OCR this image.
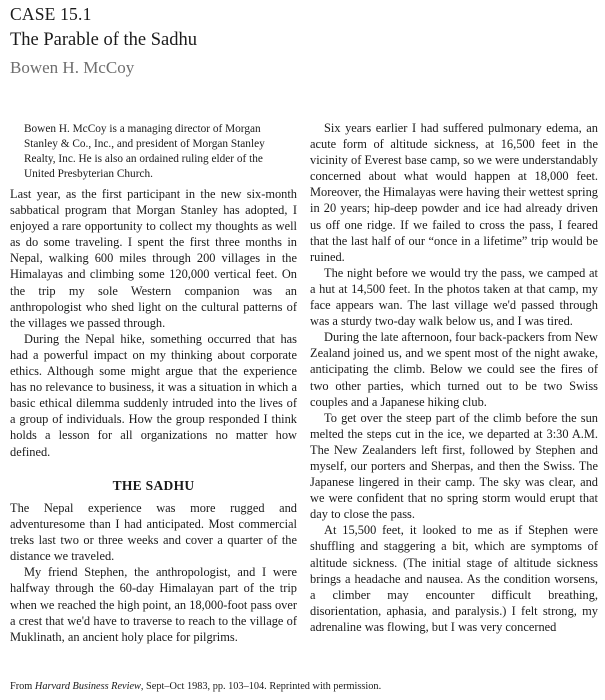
CASE 15.1
The Parable of the Sadhu
Bowen H. McCoy
Bowen H. McCoy is a managing director of Morgan Stanley & Co., Inc., and president of Morgan Stanley Realty, Inc. He is also an ordained ruling elder of the United Presbyterian Church.

Last year, as the first participant in the new six-month sabbatical program that Morgan Stanley has adopted, I enjoyed a rare opportunity to collect my thoughts as well as do some traveling. I spent the first three months in Nepal, walking 600 miles through 200 villages in the Himalayas and climbing some 120,000 vertical feet. On the trip my sole Western companion was an anthropologist who shed light on the cultural patterns of the villages we passed through.

During the Nepal hike, something occurred that has had a powerful impact on my thinking about corporate ethics. Although some might argue that the experience has no relevance to business, it was a situation in which a basic ethical dilemma suddenly intruded into the lives of a group of individuals. How the group responded I think holds a lesson for all organizations no matter how defined.

THE SADHU

The Nepal experience was more rugged and adventuresome than I had anticipated. Most commercial treks last two or three weeks and cover a quarter of the distance we traveled.

My friend Stephen, the anthropologist, and I were halfway through the 60-day Himalayan part of the trip when we reached the high point, an 18,000-foot pass over a crest that we'd have to traverse to reach to the village of Muklinath, an ancient holy place for pilgrims.

Six years earlier I had suffered pulmonary edema, an acute form of altitude sickness, at 16,500 feet in the vicinity of Everest base camp, so we were understandably concerned about what would happen at 18,000 feet. Moreover, the Himalayas were having their wettest spring in 20 years; hip-deep powder and ice had already driven us off one ridge. If we failed to cross the pass, I feared that the last half of our “once in a lifetime” trip would be ruined.

The night before we would try the pass, we camped at a hut at 14,500 feet. In the photos taken at that camp, my face appears wan. The last village we'd passed through was a sturdy two-day walk below us, and I was tired.

During the late afternoon, four back-packers from New Zealand joined us, and we spent most of the night awake, anticipating the climb. Below we could see the fires of two other parties, which turned out to be two Swiss couples and a Japanese hiking club.

To get over the steep part of the climb before the sun melted the steps cut in the ice, we departed at 3:30 A.M. The New Zealanders left first, followed by Stephen and myself, our porters and Sherpas, and then the Swiss. The Japanese lingered in their camp. The sky was clear, and we were confident that no spring storm would erupt that day to close the pass.

At 15,500 feet, it looked to me as if Stephen were shuffling and staggering a bit, which are symptoms of altitude sickness. (The initial stage of altitude sickness brings a headache and nausea. As the condition worsens, a climber may encounter difficult breathing, disorientation, aphasia, and paralysis.) I felt strong, my adrenaline was flowing, but I was very concerned

From Harvard Business Review, Sept–Oct 1983, pp. 103–104. Reprinted with permission.
